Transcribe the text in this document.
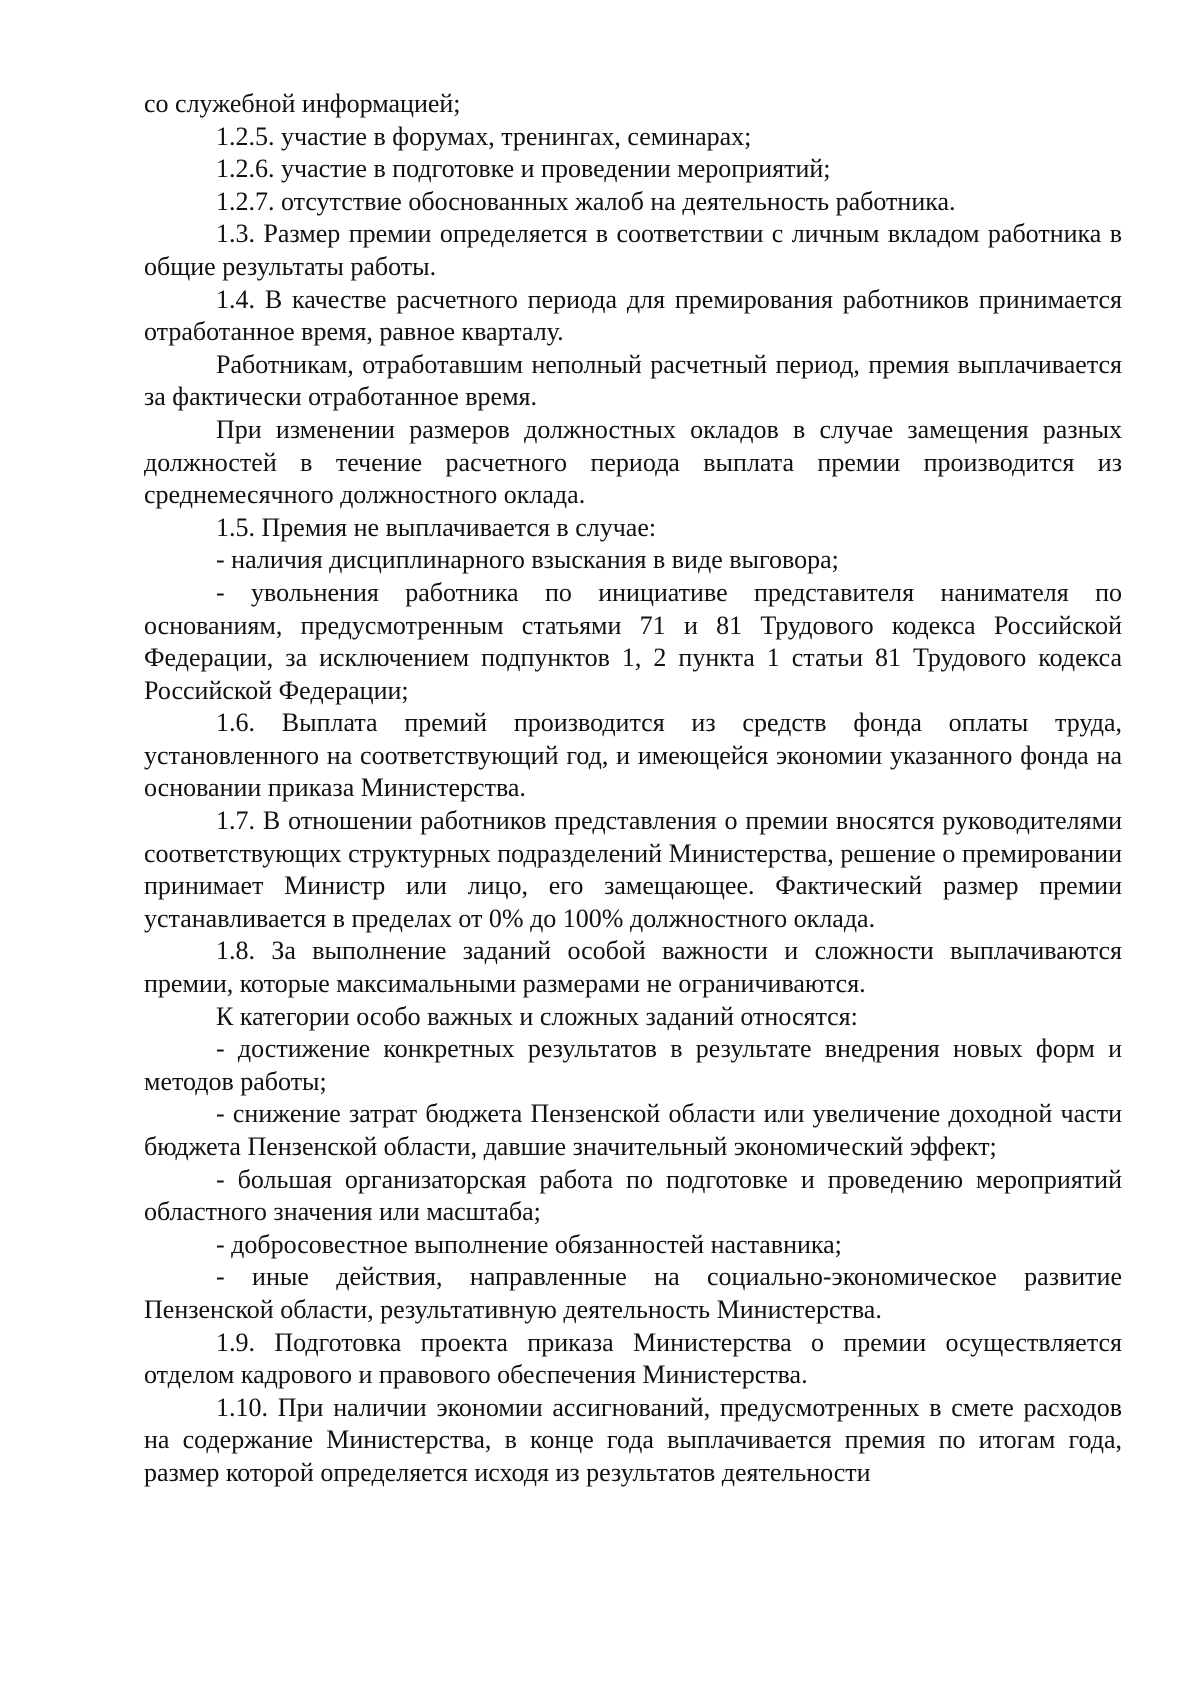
со служебной информацией;

1.2.5. участие в форумах, тренингах, семинарах;

1.2.6. участие в подготовке и проведении мероприятий;

1.2.7. отсутствие обоснованных жалоб на деятельность работника.

1.3. Размер премии определяется в соответствии с личным вкладом работника в общие результаты работы.

1.4. В качестве расчетного периода для премирования работников принимается отработанное время, равное кварталу.

Работникам, отработавшим неполный расчетный период, премия выплачивается за фактически отработанное время.

При изменении размеров должностных окладов в случае замещения разных должностей в течение расчетного периода выплата премии производится из среднемесячного должностного оклада.

1.5. Премия не выплачивается в случае:

- наличия дисциплинарного взыскания в виде выговора;

- увольнения работника по инициативе представителя нанимателя по основаниям, предусмотренным статьями 71 и 81 Трудового кодекса Российской Федерации, за исключением подпунктов 1, 2 пункта 1 статьи 81 Трудового кодекса Российской Федерации;

1.6. Выплата премий производится из средств фонда оплаты труда, установленного на соответствующий год, и имеющейся экономии указанного фонда на основании приказа Министерства.

1.7. В отношении работников представления о премии вносятся руководителями соответствующих структурных подразделений Министерства, решение о премировании принимает Министр или лицо, его замещающее. Фактический размер премии устанавливается в пределах от 0% до 100% должностного оклада.

1.8. За выполнение заданий особой важности и сложности выплачиваются премии, которые максимальными размерами не ограничиваются.

К категории особо важных и сложных заданий относятся:

- достижение конкретных результатов в результате внедрения новых форм и методов работы;

- снижение затрат бюджета Пензенской области или увеличение доходной части бюджета Пензенской области, давшие значительный экономический эффект;

- большая организаторская работа по подготовке и проведению мероприятий областного значения или масштаба;

- добросовестное выполнение обязанностей наставника;

- иные действия, направленные на социально-экономическое развитие Пензенской области, результативную деятельность Министерства.

1.9. Подготовка проекта приказа Министерства о премии осуществляется отделом кадрового и правового обеспечения Министерства.

1.10. При наличии экономии ассигнований, предусмотренных в смете расходов на содержание Министерства, в конце года выплачивается премия по итогам года, размер которой определяется исходя из результатов деятельности
